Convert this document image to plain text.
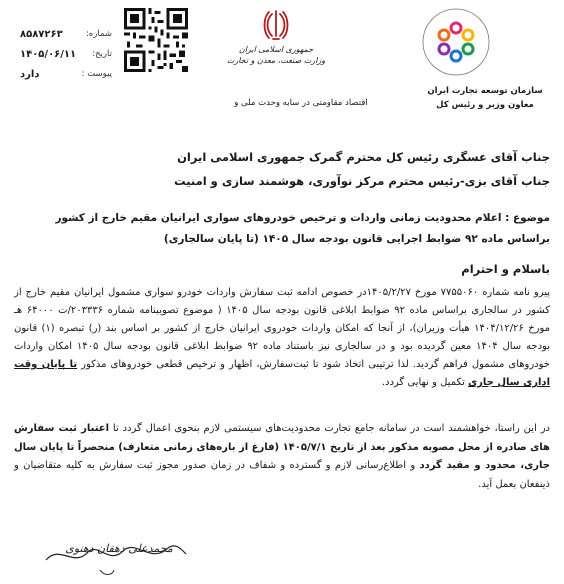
شماره:
۸۵۸۷۲۶۳
تاریخ:
۱۴۰۵/۰۶/۱۱
پیوست :
دارد
جمهوری اسلامی ایران
وزارت صنعت، معدن و تجارت
اقتصاد مقاومتی در سایه وحدت ملی و
سازمان توسعه تجارت ایران
معاون وزیر و رئیس کل
جناب آقای عسگری رئیس کل محترم گمرک جمهوری اسلامی ایران
جناب آقای بزی-رئیس محترم مرکز نوآوری، هوشمند سازی و امنیت
موضوع : اعلام محدودیت زمانی واردات و ترخیص خودروهای سواری ایرانیان مقیم خارج از کشور براساس ماده ۹۲ ضوابط اجرایی قانون بودجه سال ۱۴۰۵ (تا پایان سالجاری)
باسلام و احترام
پیرو نامه شماره ۷۷۵۵۰۶۰ مورخ ۱۴۰۵/۲/۲۷در خصوص ادامه ثبت سفارش واردات خودرو سواری مشمول ایرانیان مقیم خارج از کشور در سالجاری براساس ماده ۹۲ ضوابط ابلاغی قانون بودجه سال ۱۴۰۵ ( موضوع تصویبنامه شماره ۲۰۳۳۳۶/ت ۶۴۰۰۰ هـ مورخ ۱۴۰۴/۱۲/۲۶ هیأت وزیران)، از آنجا که امکان واردات خودروی ایرانیان خارج از کشور بر اساس بند (ر) تبصره (۱) قانون بودجه سال ۱۴۰۴ معین گردیده بود و در سالجاری نیز باستناد ماده ۹۲ ضوابط ابلاغی قانون بودجه سال ۱۴۰۵ امکان واردات خودروهای مشمول فراهم گردید. لذا ترتیبی اتخاذ شود تا ثبت‌سفارش، اظهار و ترخیص قطعی خودروهای مذکور تا پایان وقت اداری سال جاری تکمیل و نهایی گردد.
در این راستا، خواهشمند است در سامانه جامع تجارت محدودیت‌های سیستمی لازم بنحوی اعمال گردد تا اعتبار ثبت سفارش های صادره از محل مصوبه مذکور بعد از تاریخ ۱۴۰۵/۷/۱ (فارغ از بازه‌های زمانی متعارف) منحصراً تا پایان سال جاری، محدود و مقید گردد و اطلاع‌رسانی لازم و گسترده و شفاف در زمان صدور مجوز ثبت سفارش به کلیه متقاضیان و ذینفعان بعمل آید.
محمدعلی دهقان دهنوی
